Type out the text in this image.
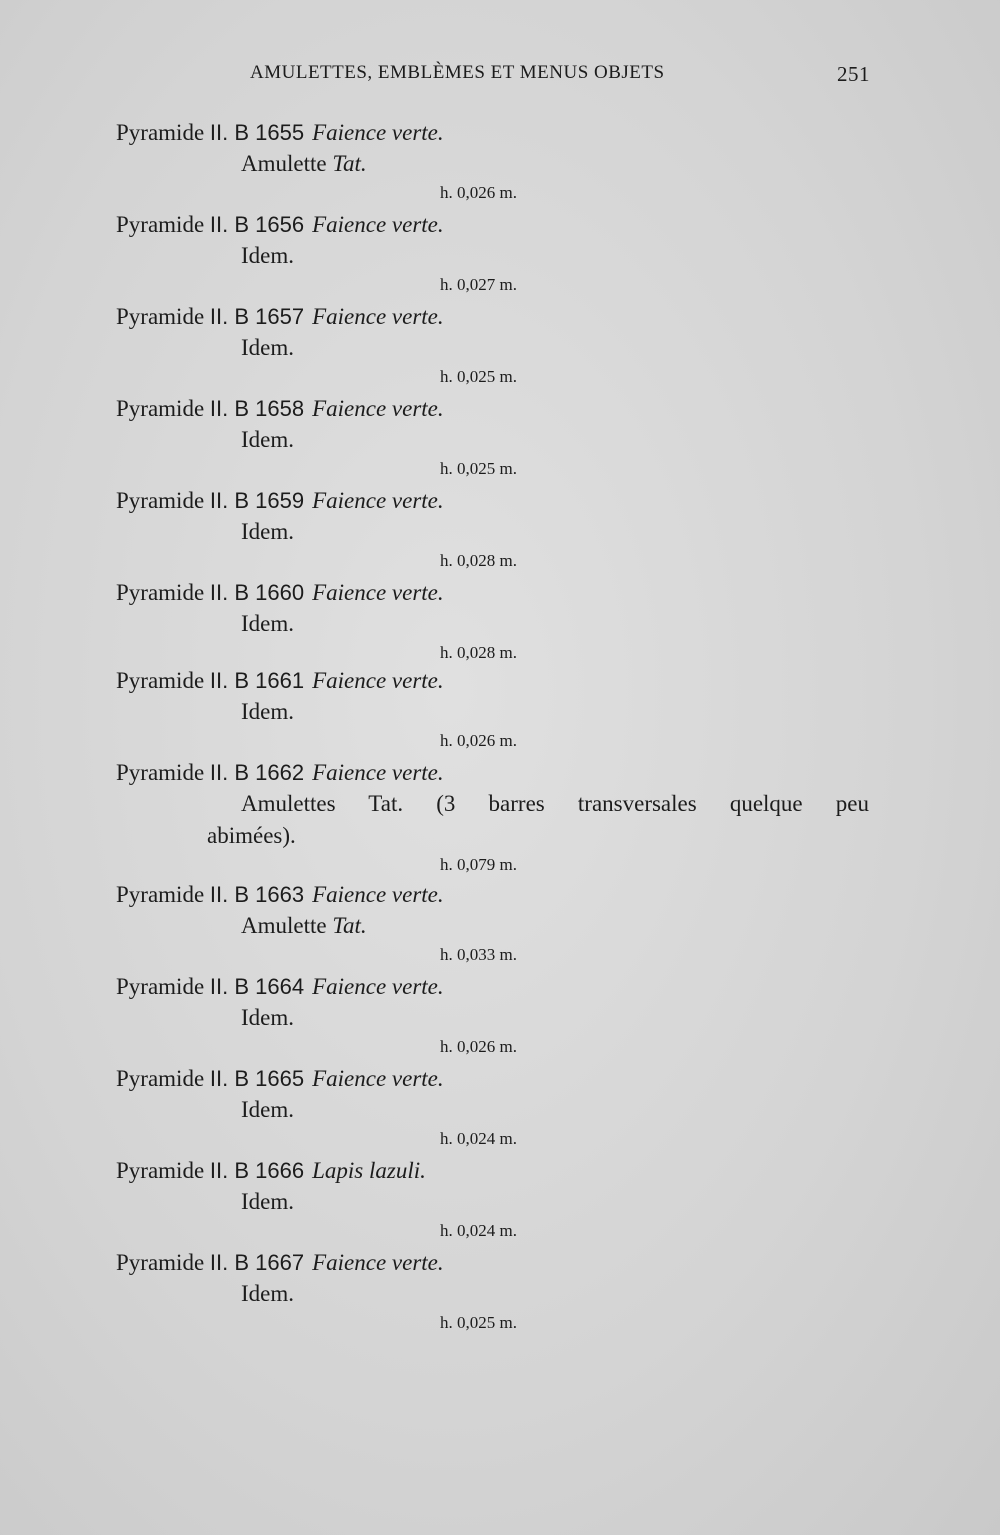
AMULETTES, EMBLÈMES ET MENUS OBJETS	251
Pyramide II. B 1655 Faience verte.
Amulette Tat.
h. 0,026 m.
Pyramide II. B 1656 Faience verte.
Idem.
h. 0,027 m.
Pyramide II. B 1657 Faience verte.
Idem.
h. 0,025 m.
Pyramide II. B 1658 Faience verte.
Idem.
h. 0,025 m.
Pyramide II. B 1659 Faience verte.
Idem.
h. 0,028 m.
Pyramide II. B 1660 Faience verte.
Idem.
h. 0,028 m.
Pyramide II. B 1661 Faience verte.
Idem.
h. 0,026 m.
Pyramide II. B 1662 Faience verte.
Amulettes Tat. (3 barres transversales quelque peu
abimées).
h. 0,079 m.
Pyramide II. B 1663 Faience verte.
Amulette Tat.
h. 0,033 m.
Pyramide II. B 1664 Faience verte.
Idem.
h. 0,026 m.
Pyramide II. B 1665 Faience verte.
Idem.
h. 0,024 m.
Pyramide II. B 1666 Lapis lazuli.
Idem.
h. 0,024 m.
Pyramide II. B 1667 Faience verte.
Idem.
h. 0,025 m.
